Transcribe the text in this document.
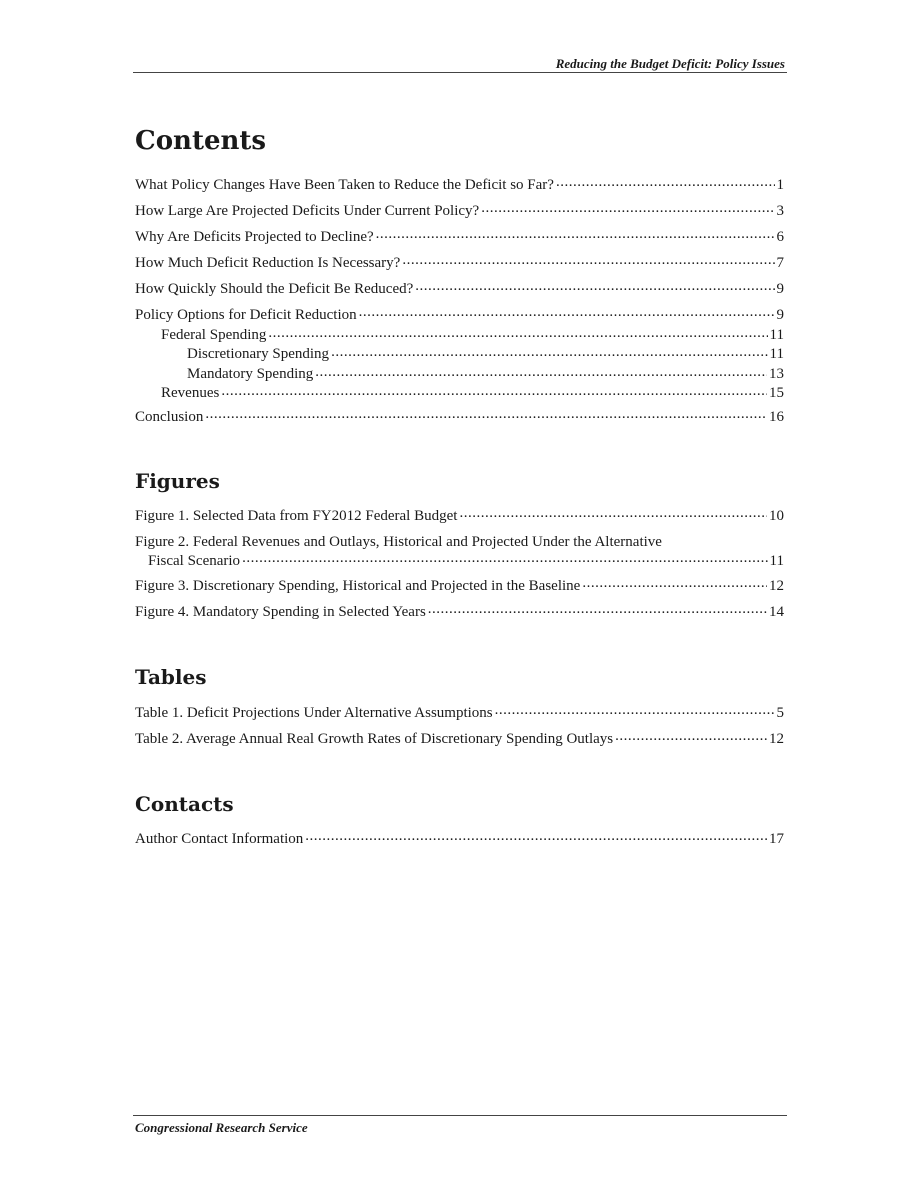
Reducing the Budget Deficit: Policy Issues
Contents
What Policy Changes Have Been Taken to Reduce the Deficit so Far? .....	1
How Large Are Projected Deficits Under Current Policy? .....	3
Why Are Deficits Projected to Decline? .....	6
How Much Deficit Reduction Is Necessary? .....	7
How Quickly Should the Deficit Be Reduced? .....	9
Policy Options for Deficit Reduction .....	9
Federal Spending .....	11
Discretionary Spending .....	11
Mandatory Spending .....	13
Revenues .....	15
Conclusion .....	16
Figures
Figure 1. Selected Data from FY2012 Federal Budget .....	10
Figure 2. Federal Revenues and Outlays, Historical and Projected Under the Alternative
Fiscal Scenario .....	11
Figure 3. Discretionary Spending, Historical and Projected in the Baseline .....	12
Figure 4. Mandatory Spending in Selected Years .....	14
Tables
Table 1. Deficit Projections Under Alternative Assumptions .....	5
Table 2. Average Annual Real Growth Rates of Discretionary Spending Outlays .....	12
Contacts
Author Contact Information .....	17
Congressional Research Service
